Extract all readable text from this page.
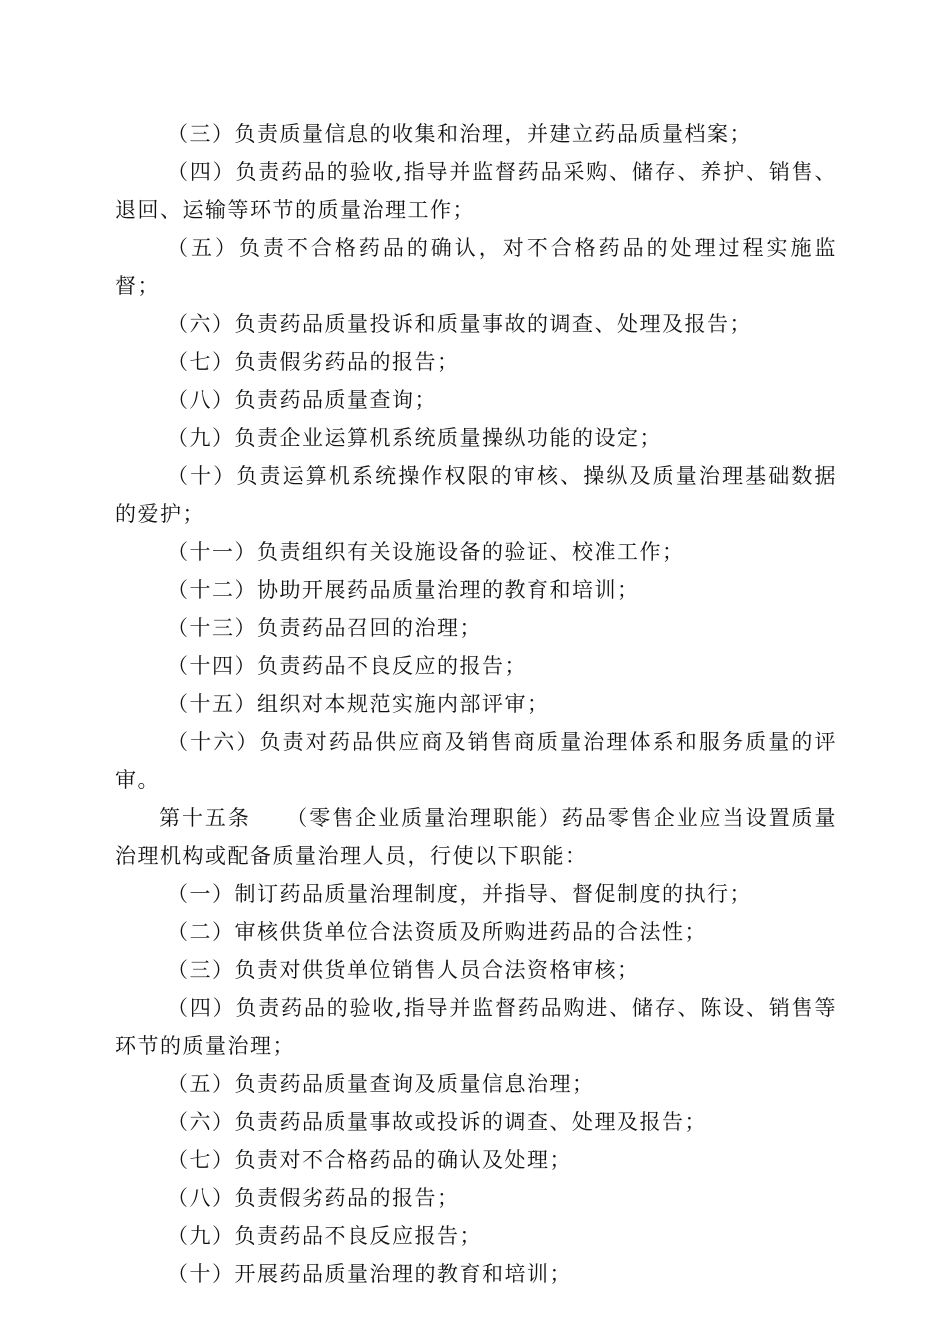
（三）负责质量信息的收集和治理，并建立药品质量档案；

（四）负责药品的验收,指导并监督药品采购、储存、养护、销售、退回、运输等环节的质量治理工作；

（五）负责不合格药品的确认，对不合格药品的处理过程实施监督；

（六）负责药品质量投诉和质量事故的调查、处理及报告；

（七）负责假劣药品的报告；

（八）负责药品质量查询；

（九）负责企业运算机系统质量操纵功能的设定；

（十）负责运算机系统操作权限的审核、操纵及质量治理基础数据的爱护；

（十一）负责组织有关设施设备的验证、校准工作；

（十二）协助开展药品质量治理的教育和培训；

（十三）负责药品召回的治理；

（十四）负责药品不良反应的报告；

（十五）组织对本规范实施内部评审；

（十六）负责对药品供应商及销售商质量治理体系和服务质量的评审。

第十五条　　（零售企业质量治理职能）药品零售企业应当设置质量治理机构或配备质量治理人员，行使以下职能：

（一）制订药品质量治理制度，并指导、督促制度的执行；

（二）审核供货单位合法资质及所购进药品的合法性；

（三）负责对供货单位销售人员合法资格审核；

（四）负责药品的验收,指导并监督药品购进、储存、陈设、销售等环节的质量治理；

（五）负责药品质量查询及质量信息治理；

（六）负责药品质量事故或投诉的调查、处理及报告；

（七）负责对不合格药品的确认及处理；

（八）负责假劣药品的报告；

（九）负责药品不良反应报告；

（十）开展药品质量治理的教育和培训；
